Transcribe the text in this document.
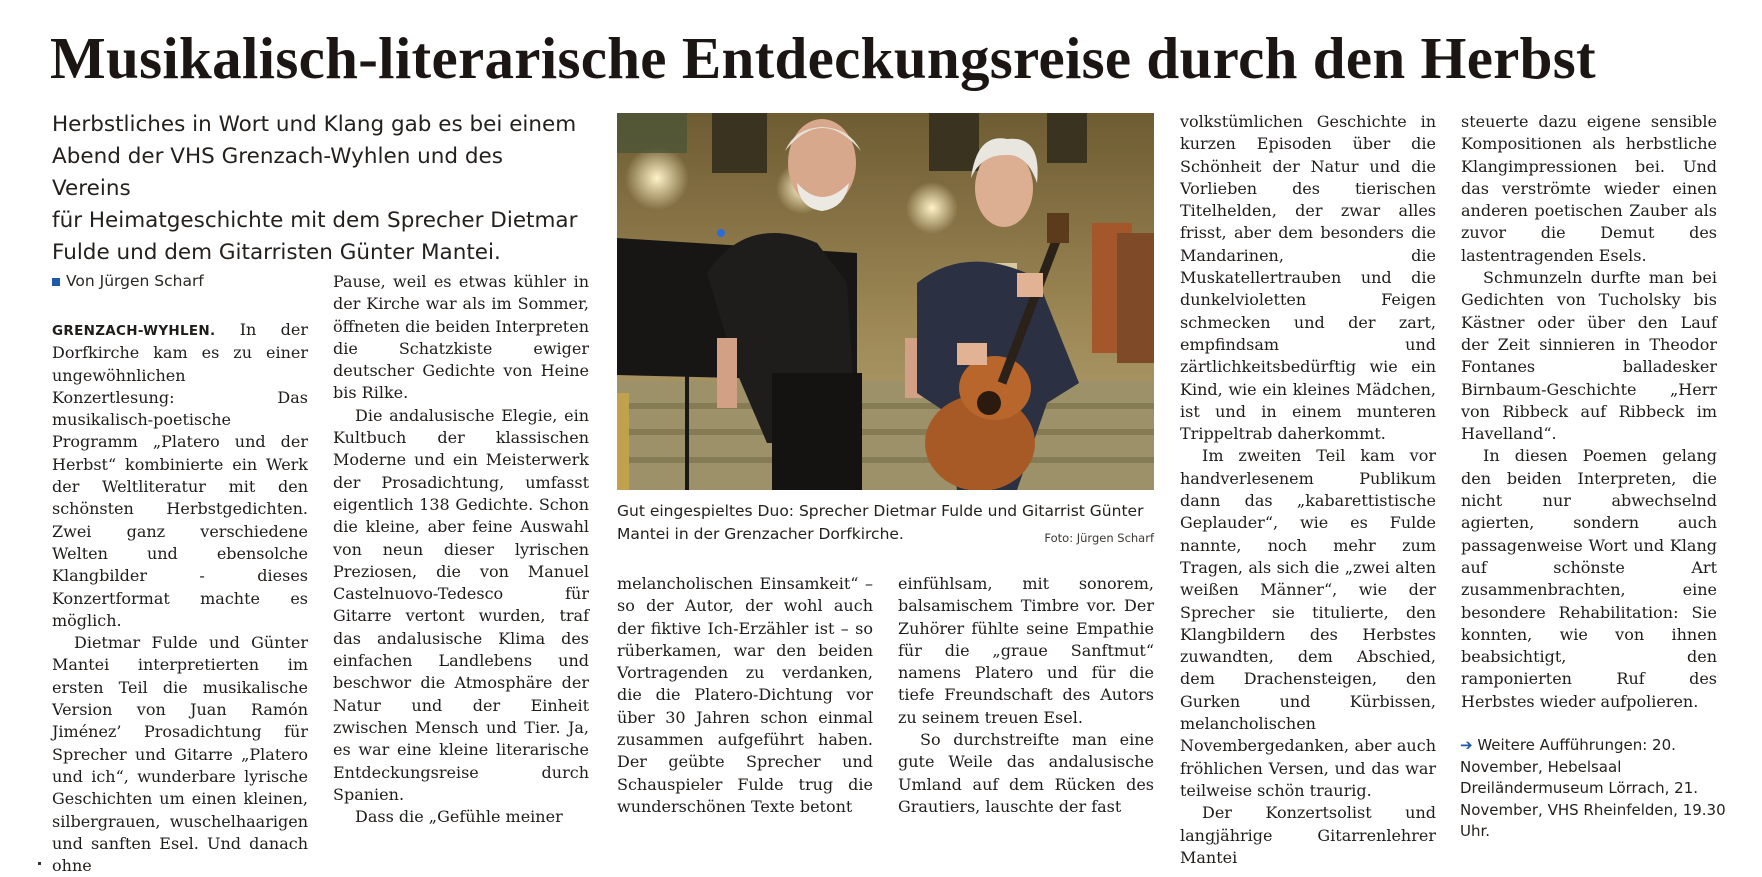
Musikalisch-literarische Entdeckungsreise durch den Herbst

Herbstliches in Wort und Klang gab es bei einem

Abend der VHS Grenzach-Wyhlen und des Vereins

für Heimatgeschichte mit dem Sprecher Dietmar

Fulde und dem Gitarristen Günter Mantei.

Von Jürgen Scharf

GRENZACH-WYHLEN. In der Dorfkirche kam es zu einer ungewöhnlichen Konzertlesung: Das musikalisch-poetische Programm „Platero und der Herbst“ kombinierte ein Werk der Weltliteratur mit den schönsten Herbstgedichten. Zwei ganz verschiedene Welten und ebensolche Klangbilder - dieses Konzertformat machte es möglich.

Dietmar Fulde und Günter Mantei interpretierten im ersten Teil die musikalische Version von Juan Ramón Jiménez’ Prosadichtung für Sprecher und Gitarre „Platero und ich“, wunderbare lyrische Geschichten um einen kleinen, silbergrauen, wuschelhaarigen und sanften Esel. Und danach ohne

Pause, weil es etwas kühler in der Kirche war als im Sommer, öffneten die beiden Interpreten die Schatzkiste ewiger deutscher Gedichte von Heine bis Rilke.

Die andalusische Elegie, ein Kultbuch der klassischen Moderne und ein Meisterwerk der Prosadichtung, umfasst eigentlich 138 Gedichte. Schon die kleine, aber feine Auswahl von neun dieser lyrischen Preziosen, die von Manuel Castelnuovo-Tedesco für Gitarre vertont wurden, traf das andalusische Klima des einfachen Landlebens und beschwor die Atmosphäre der Natur und der Einheit zwischen Mensch und Tier. Ja, es war eine kleine literarische Entdeckungsreise durch Spanien.

Dass die „Gefühle meiner

Gut eingespieltes Duo: Sprecher Dietmar Fulde und Gitarrist Günter Mantei in der Grenzacher Dorfkirche.	Foto: Jürgen Scharf

melancholischen Einsamkeit“ – so der Autor, der wohl auch der fiktive Ich-Erzähler ist – so rüberkamen, war den beiden Vortragenden zu verdanken, die die Platero-Dichtung vor über 30 Jahren schon einmal zusammen aufgeführt haben. Der geübte Sprecher und Schauspieler Fulde trug die wunderschönen Texte betont

einfühlsam, mit sonorem, balsamischem Timbre vor. Der Zuhörer fühlte seine Empathie für die „graue Sanftmut“ namens Platero und für die tiefe Freundschaft des Autors zu seinem treuen Esel.

So durchstreifte man eine gute Weile das andalusische Umland auf dem Rücken des Grautiers, lauschte der fast

volkstümlichen Geschichte in kurzen Episoden über die Schönheit der Natur und die Vorlieben des tierischen Titelhelden, der zwar alles frisst, aber dem besonders die Mandarinen, die Muskatellertrauben und die dunkelvioletten Feigen schmecken und der zart, empfindsam und zärtlichkeitsbedürftig wie ein Kind, wie ein kleines Mädchen, ist und in einem munteren Trippeltrab daherkommt.

Im zweiten Teil kam vor handverlesenem Publikum dann das „kabarettistische Geplauder“, wie es Fulde nannte, noch mehr zum Tragen, als sich die „zwei alten weißen Männer“, wie der Sprecher sie titulierte, den Klangbildern des Herbstes zuwandten, dem Abschied, dem Drachensteigen, den Gurken und Kürbissen, melancholischen Novembergedanken, aber auch fröhlichen Versen, und das war teilweise schön traurig.

Der Konzertsolist und langjährige Gitarrenlehrer Mantei

steuerte dazu eigene sensible Kompositionen als herbstliche Klangimpressionen bei. Und das verströmte wieder einen anderen poetischen Zauber als zuvor die Demut des lastentragenden Esels.

Schmunzeln durfte man bei Gedichten von Tucholsky bis Kästner oder über den Lauf der Zeit sinnieren in Theodor Fontanes balladesker Birnbaum-Geschichte „Herr von Ribbeck auf Ribbeck im Havelland“.

In diesen Poemen gelang den beiden Interpreten, die nicht nur abwechselnd agierten, sondern auch passagenweise Wort und Klang auf schönste Art zusammenbrachten, eine besondere Rehabilitation: Sie konnten, wie von ihnen beabsichtigt, den ramponierten Ruf des Herbstes wieder aufpolieren.

➔ Weitere Aufführungen: 20. November, Hebelsaal Dreiländermuseum Lörrach, 21. November, VHS Rheinfelden, 19.30 Uhr.
